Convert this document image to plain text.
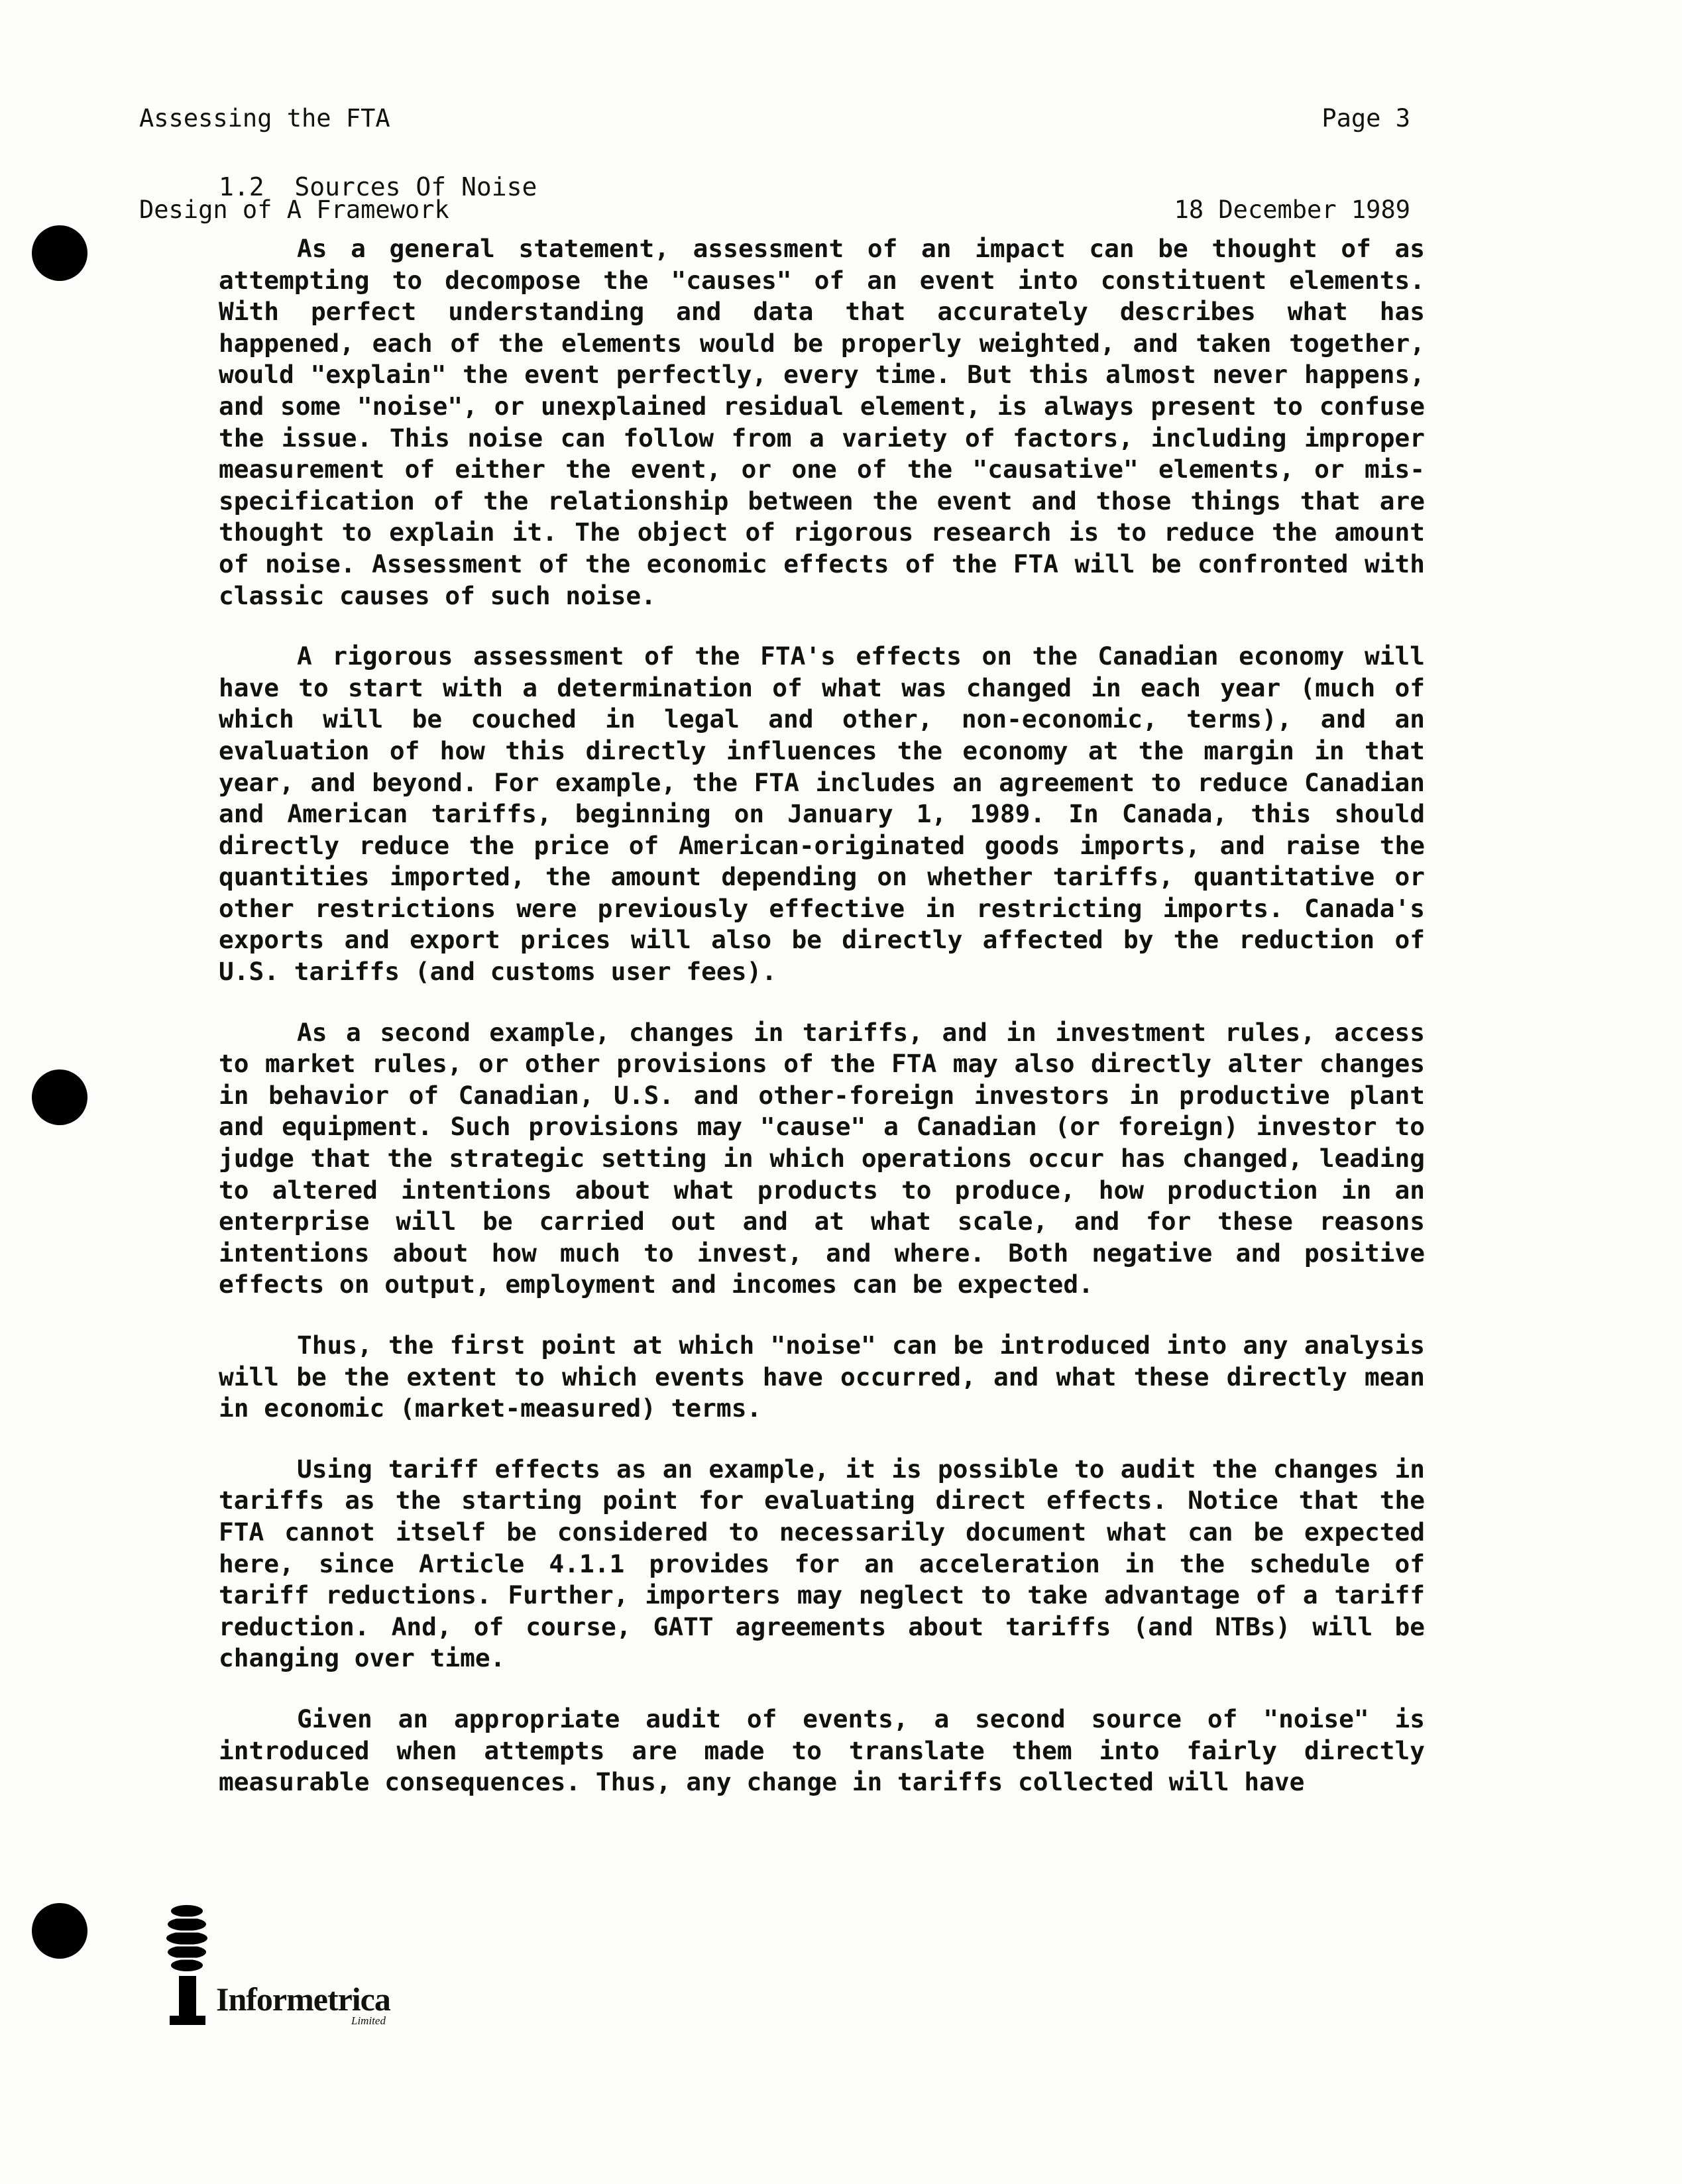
Assessing the FTA

Design of A Framework

Page 3

18 December 1989

1.2  Sources Of Noise

As a general statement, assessment of an impact can be thought of as attempting to decompose the "causes" of an event into constituent elements. With perfect understanding and data that accurately describes what has happened, each of the elements would be properly weighted, and taken together, would "explain" the event perfectly, every time. But this almost never happens, and some "noise", or unexplained residual element, is always present to confuse the issue. This noise can follow from a variety of factors, including improper measurement of either the event, or one of the "causative" elements, or mis-specification of the relationship between the event and those things that are thought to explain it. The object of rigorous research is to reduce the amount of noise. Assessment of the economic effects of the FTA will be confronted with classic causes of such noise.

A rigorous assessment of the FTA's effects on the Canadian economy will have to start with a determination of what was changed in each year (much of which will be couched in legal and other, non-economic, terms), and an evaluation of how this directly influences the economy at the margin in that year, and beyond. For example, the FTA includes an agreement to reduce Canadian and American tariffs, beginning on January 1, 1989. In Canada, this should directly reduce the price of American-originated goods imports, and raise the quantities imported, the amount depending on whether tariffs, quantitative or other restrictions were previously effective in restricting imports. Canada's exports and export prices will also be directly affected by the reduction of U.S. tariffs (and customs user fees).

As a second example, changes in tariffs, and in investment rules, access to market rules, or other provisions of the FTA may also directly alter changes in behavior of Canadian, U.S. and other-foreign investors in productive plant and equipment. Such provisions may "cause" a Canadian (or foreign) investor to judge that the strategic setting in which operations occur has changed, leading to altered intentions about what products to produce, how production in an enterprise will be carried out and at what scale, and for these reasons intentions about how much to invest, and where. Both negative and positive effects on output, employment and incomes can be expected.

Thus, the first point at which "noise" can be introduced into any analysis will be the extent to which events have occurred, and what these directly mean in economic (market-measured) terms.

Using tariff effects as an example, it is possible to audit the changes in tariffs as the starting point for evaluating direct effects. Notice that the FTA cannot itself be considered to necessarily document what can be expected here, since Article 4.1.1 provides for an acceleration in the schedule of tariff reductions. Further, importers may neglect to take advantage of a tariff reduction. And, of course, GATT agreements about tariffs (and NTBs) will be changing over time.

Given an appropriate audit of events, a second source of "noise" is introduced when attempts are made to translate them into fairly directly measurable consequences. Thus, any change in tariffs collected will have

Informetrica
Limited
